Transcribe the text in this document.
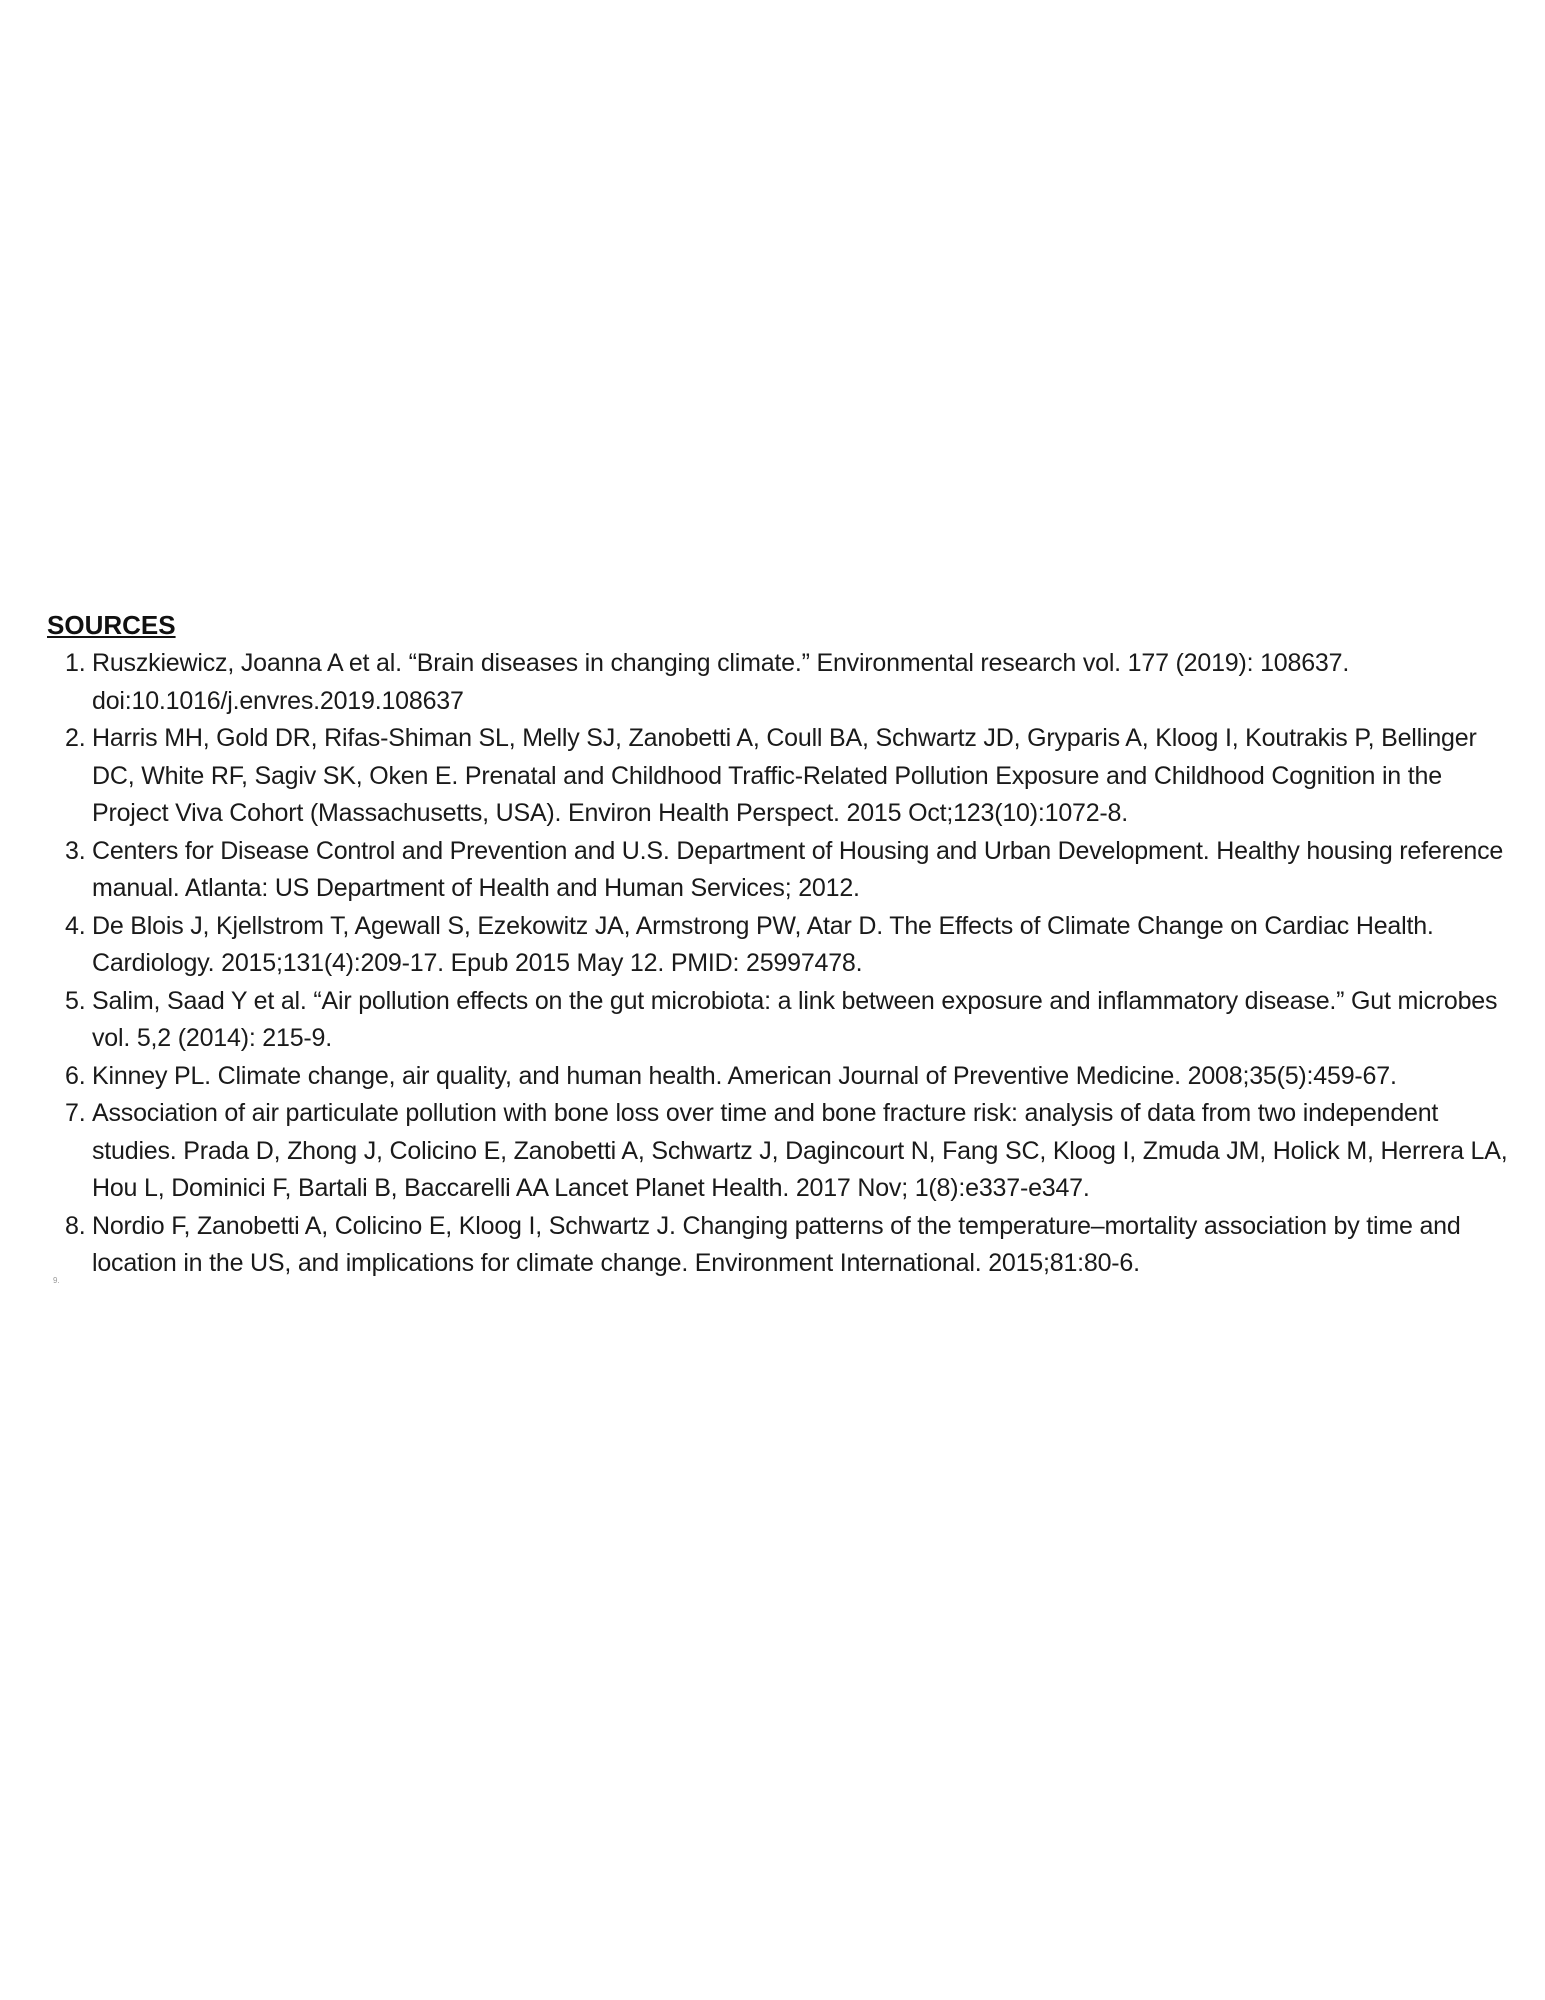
SOURCES
1. Ruszkiewicz, Joanna A et al. “Brain diseases in changing climate.” Environmental research vol. 177 (2019): 108637. doi:10.1016/j.envres.2019.108637
2. Harris MH, Gold DR, Rifas-Shiman SL, Melly SJ, Zanobetti A, Coull BA, Schwartz JD, Gryparis A, Kloog I, Koutrakis P, Bellinger DC, White RF, Sagiv SK, Oken E. Prenatal and Childhood Traffic-Related Pollution Exposure and Childhood Cognition in the Project Viva Cohort (Massachusetts, USA). Environ Health Perspect. 2015 Oct;123(10):1072-8.
3. Centers for Disease Control and Prevention and U.S. Department of Housing and Urban Development. Healthy housing reference manual. Atlanta: US Department of Health and Human Services; 2012.
4. De Blois J, Kjellstrom T, Agewall S, Ezekowitz JA, Armstrong PW, Atar D. The Effects of Climate Change on Cardiac Health. Cardiology. 2015;131(4):209-17. Epub 2015 May 12. PMID: 25997478.
5. Salim, Saad Y et al. “Air pollution effects on the gut microbiota: a link between exposure and inflammatory disease.” Gut microbes vol. 5,2 (2014): 215-9.
6. Kinney PL. Climate change, air quality, and human health. American Journal of Preventive Medicine. 2008;35(5):459-67.
7. Association of air particulate pollution with bone loss over time and bone fracture risk: analysis of data from two independent studies. Prada D, Zhong J, Colicino E, Zanobetti A, Schwartz J, Dagincourt N, Fang SC, Kloog I, Zmuda JM, Holick M, Herrera LA, Hou L, Dominici F, Bartali B, Baccarelli AA Lancet Planet Health. 2017 Nov; 1(8):e337-e347.
8. Nordio F, Zanobetti A, Colicino E, Kloog I, Schwartz J. Changing patterns of the temperature–mortality association by time and location in the US, and implications for climate change. Environment International. 2015;81:80-6.
9.
